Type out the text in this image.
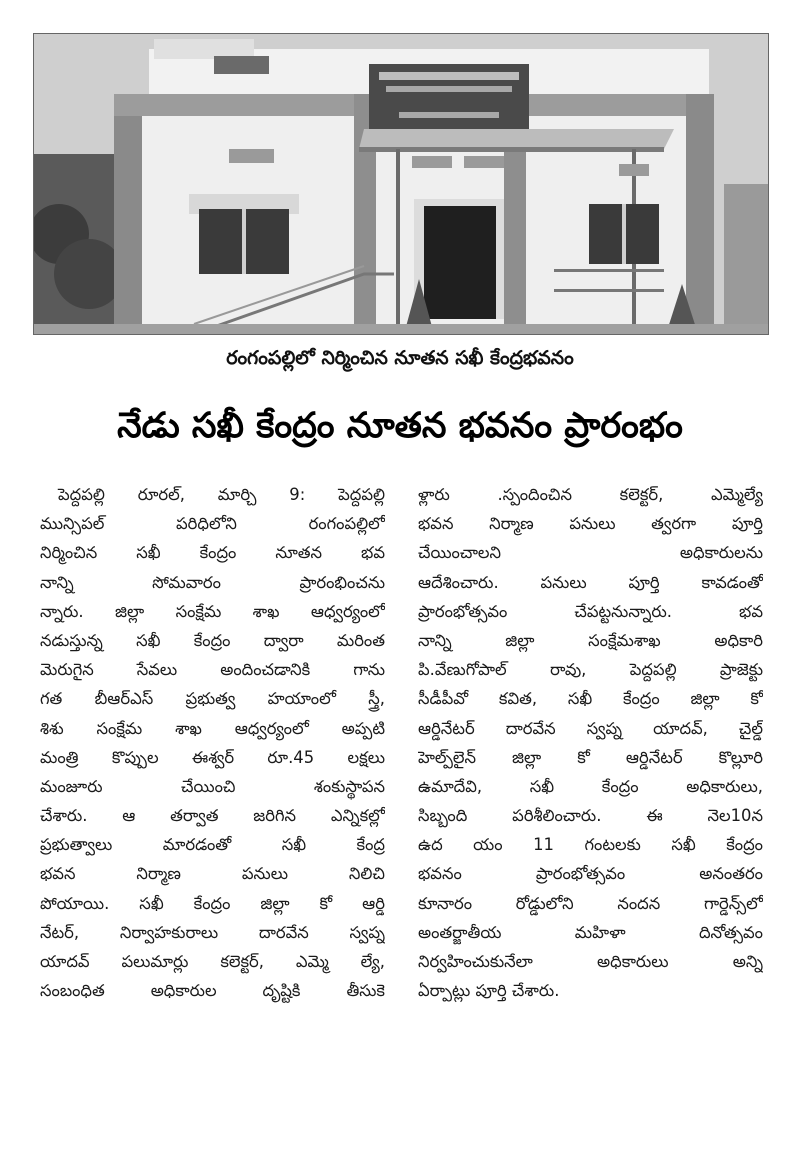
రంగంపల్లిలో నిర్మించిన నూతన సఖీ కేంద్రభవనం
నేడు సఖీ కేంద్రం నూతన భవనం ప్రారంభం
పెద్దపల్లి రూరల్, మార్చి 9: పెద్దపల్లి
మున్సిపల్ పరిధిలోని రంగంపల్లిలో
నిర్మించిన సఖీ కేంద్రం నూతన భవ
నాన్ని సోమవారం ప్రారంభించను
న్నారు. జిల్లా సంక్షేమ శాఖ ఆధ్వర్యంలో
నడుస్తున్న సఖీ కేంద్రం ద్వారా మరింత
మెరుగైన సేవలు అందించడానికి గాను
గత బీఆర్ఎస్ ప్రభుత్వ హయాంలో స్త్రీ,
శిశు సంక్షేమ శాఖ ఆధ్వర్యంలో అప్పటి
మంత్రి కొప్పుల ఈశ్వర్ రూ.45 లక్షలు
మంజూరు చేయించి శంకుస్థాపన
చేశారు. ఆ తర్వాత జరిగిన ఎన్నికల్లో
ప్రభుత్వాలు మారడంతో సఖీ కేంద్ర
భవన నిర్మాణ పనులు నిలిచి
పోయాయి. సఖీ కేంద్రం జిల్లా కో ఆర్డి
నేటర్, నిర్వాహకురాలు దారవేన స్వప్న
యాదవ్ పలుమార్లు కలెక్టర్, ఎమ్మె ల్యే,
సంబంధిత అధికారుల దృష్టికి తీసుకె
ళ్లారు .స్పందించిన కలెక్టర్, ఎమ్మెల్యే
భవన నిర్మాణ పనులు త్వరగా పూర్తి
చేయించాలని అధికారులను
ఆదేశించారు. పనులు పూర్తి కావడంతో
ప్రారంభోత్సవం చేపట్టనున్నారు. భవ
నాన్ని జిల్లా సంక్షేమశాఖ అధికారి
పి.వేణుగోపాల్ రావు, పెద్దపల్లి ప్రాజెక్టు
సీడీపీవో కవిత, సఖీ కేంద్రం జిల్లా కో
ఆర్డినేటర్ దారవేన స్వప్న యాదవ్, చైల్డ్
హెల్ప్‌లైన్ జిల్లా కో ఆర్డినేటర్ కొల్లూరి
ఉమాదేవి, సఖీ కేంద్రం అధికారులు,
సిబ్బంది పరిశీలించారు. ఈ నెల10న
ఉద యం 11 గంటలకు సఖీ కేంద్రం
భవనం ప్రారంభోత్సవం అనంతరం
కూనారం రోడ్డులోని నందన గార్డెన్స్‌లో
అంతర్జాతీయ మహిళా దినోత్సవం
నిర్వహించుకునేలా అధికారులు అన్ని
ఏర్పాట్లు పూర్తి చేశారు.
